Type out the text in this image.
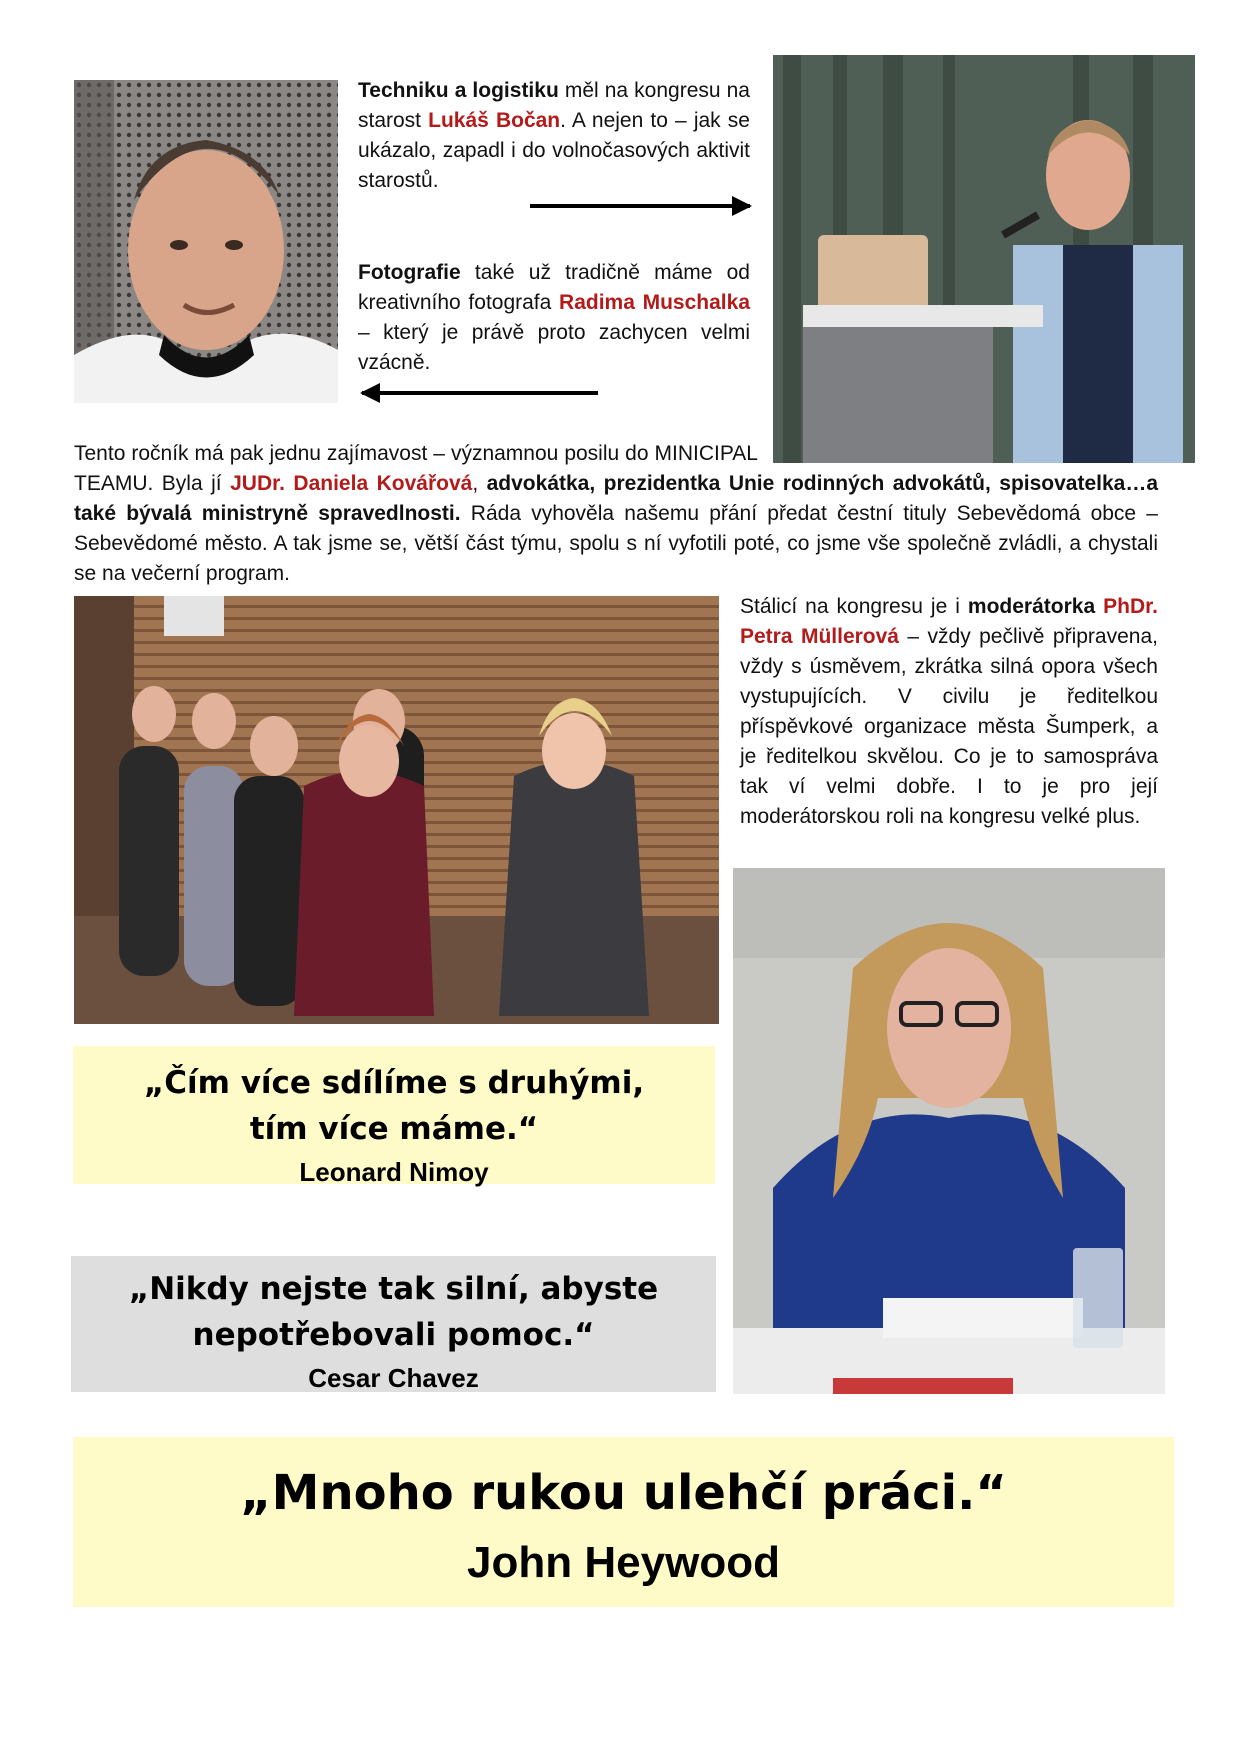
Techniku a logistiku měl na kongresu na starost Lukáš Bočan. A nejen to – jak se ukázalo, zapadl i do volnočasových aktivit starostů.
Fotografie také už tradičně máme od kreativního fotografa Radima Muschalka – který je právě proto zachycen velmi vzácně.
Tento ročník má pak jednu zajímavost – významnou posilu do MINICIPAL TEAMU. Byla jí JUDr. Daniela Kovářová, advokátka, prezidentka Unie rodinných advokátů, spisovatelka…a také bývalá ministryně spravedlnosti. Ráda vyhověla našemu přání předat čestní tituly Sebevědomá obce – Sebevědomé město. A tak jsme se, větší část týmu, spolu s ní vyfotili poté, co jsme vše společně zvládli, a chystali se na večerní program.
Stálicí na kongresu je i moderátorka PhDr. Petra Müllerová – vždy pečlivě připravena, vždy s úsměvem, zkrátka silná opora všech vystupujících. V civilu je ředitelkou příspěvkové organizace města Šumperk, a je ředitelkou skvělou. Co je to samospráva tak ví velmi dobře. I to je pro její moderátorskou roli na kongresu velké plus.
„Čím více sdílíme s druhými,
tím více máme.“
Leonard Nimoy
„Nikdy nejste tak silní, abyste
nepotřebovali pomoc.“
Cesar Chavez
„Mnoho rukou ulehčí práci.“
John Heywood
